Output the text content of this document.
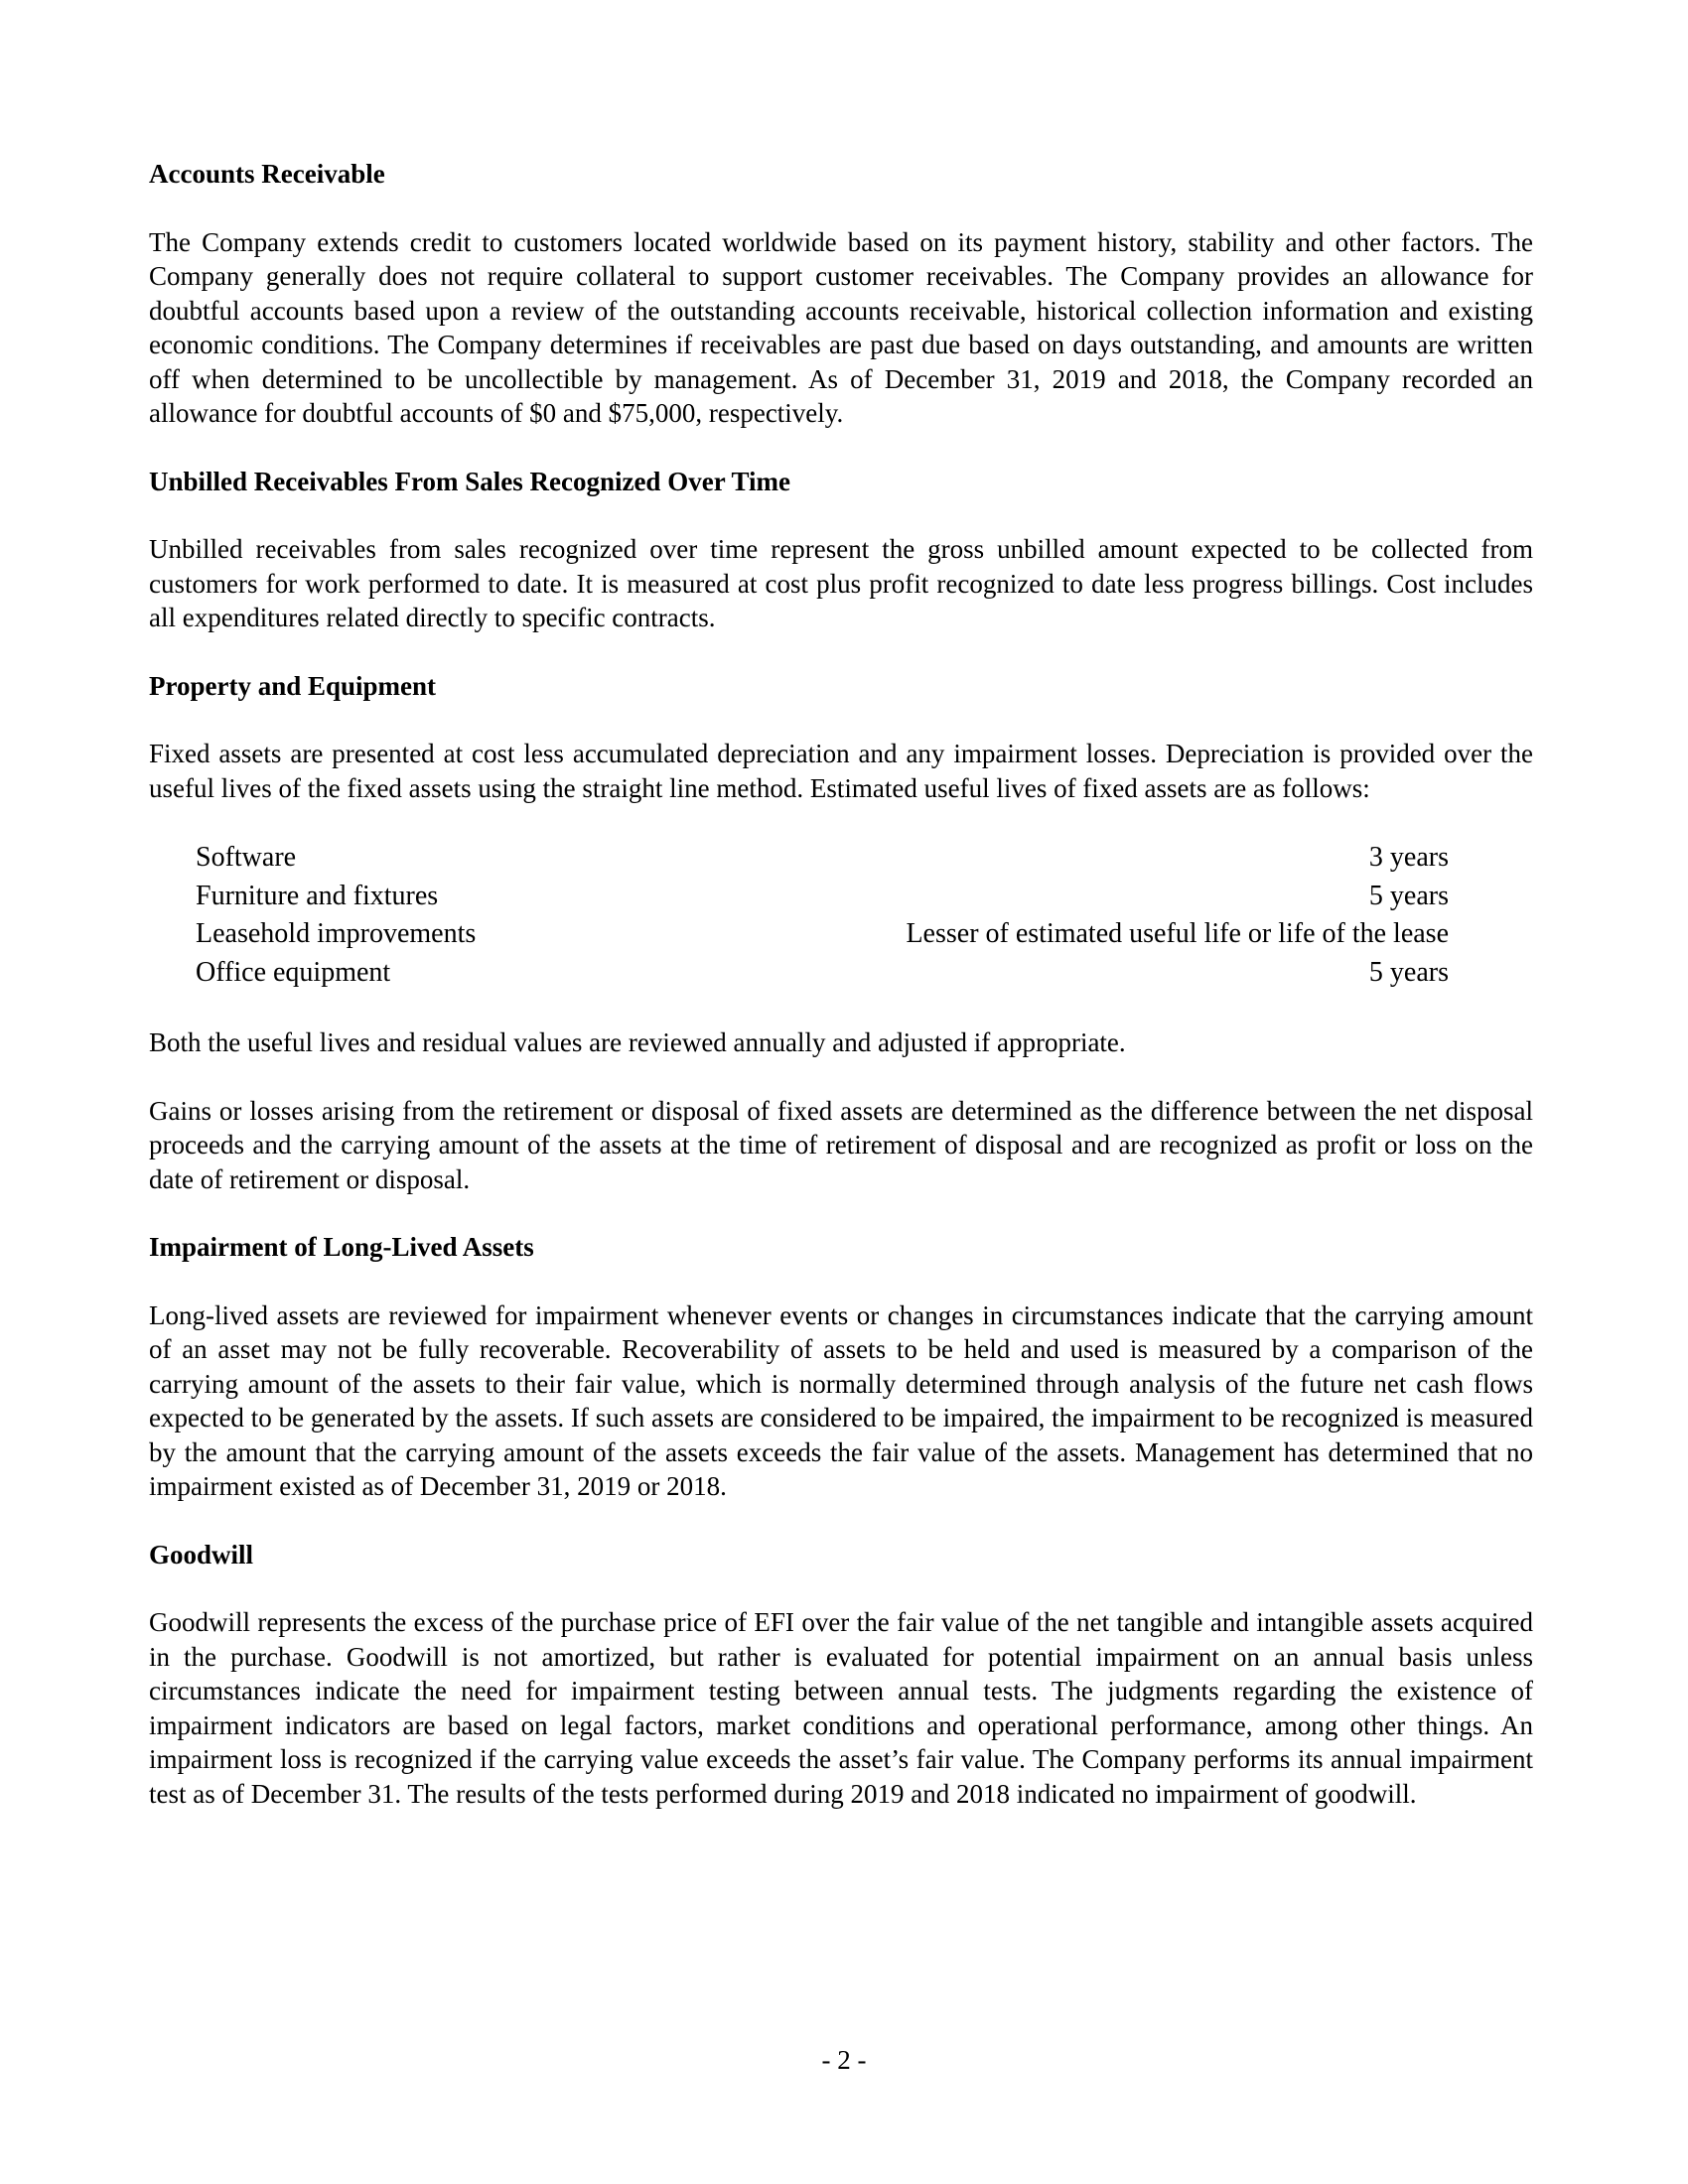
Accounts Receivable

The Company extends credit to customers located worldwide based on its payment history, stability and other factors. The Company generally does not require collateral to support customer receivables. The Company provides an allowance for doubtful accounts based upon a review of the outstanding accounts receivable, historical collection information and existing economic conditions. The Company determines if receivables are past due based on days outstanding, and amounts are written off when determined to be uncollectible by management. As of December 31, 2019 and 2018, the Company recorded an allowance for doubtful accounts of $0 and $75,000, respectively.

Unbilled Receivables From Sales Recognized Over Time

Unbilled receivables from sales recognized over time represent the gross unbilled amount expected to be collected from customers for work performed to date. It is measured at cost plus profit recognized to date less progress billings. Cost includes all expenditures related directly to specific contracts.

Property and Equipment

Fixed assets are presented at cost less accumulated depreciation and any impairment losses. Depreciation is provided over the useful lives of the fixed assets using the straight line method. Estimated useful lives of fixed assets are as follows:

Software	3 years
Furniture and fixtures	5 years
Leasehold improvements	Lesser of estimated useful life or life of the lease
Office equipment	5 years

Both the useful lives and residual values are reviewed annually and adjusted if appropriate.

Gains or losses arising from the retirement or disposal of fixed assets are determined as the difference between the net disposal proceeds and the carrying amount of the assets at the time of retirement of disposal and are recognized as profit or loss on the date of retirement or disposal.

Impairment of Long-Lived Assets

Long-lived assets are reviewed for impairment whenever events or changes in circumstances indicate that the carrying amount of an asset may not be fully recoverable. Recoverability of assets to be held and used is measured by a comparison of the carrying amount of the assets to their fair value, which is normally determined through analysis of the future net cash flows expected to be generated by the assets. If such assets are considered to be impaired, the impairment to be recognized is measured by the amount that the carrying amount of the assets exceeds the fair value of the assets. Management has determined that no impairment existed as of December 31, 2019 or 2018.

Goodwill

Goodwill represents the excess of the purchase price of EFI over the fair value of the net tangible and intangible assets acquired in the purchase. Goodwill is not amortized, but rather is evaluated for potential impairment on an annual basis unless circumstances indicate the need for impairment testing between annual tests. The judgments regarding the existence of impairment indicators are based on legal factors, market conditions and operational performance, among other things. An impairment loss is recognized if the carrying value exceeds the asset’s fair value. The Company performs its annual impairment test as of December 31. The results of the tests performed during 2019 and 2018 indicated no impairment of goodwill.

- 2 -
